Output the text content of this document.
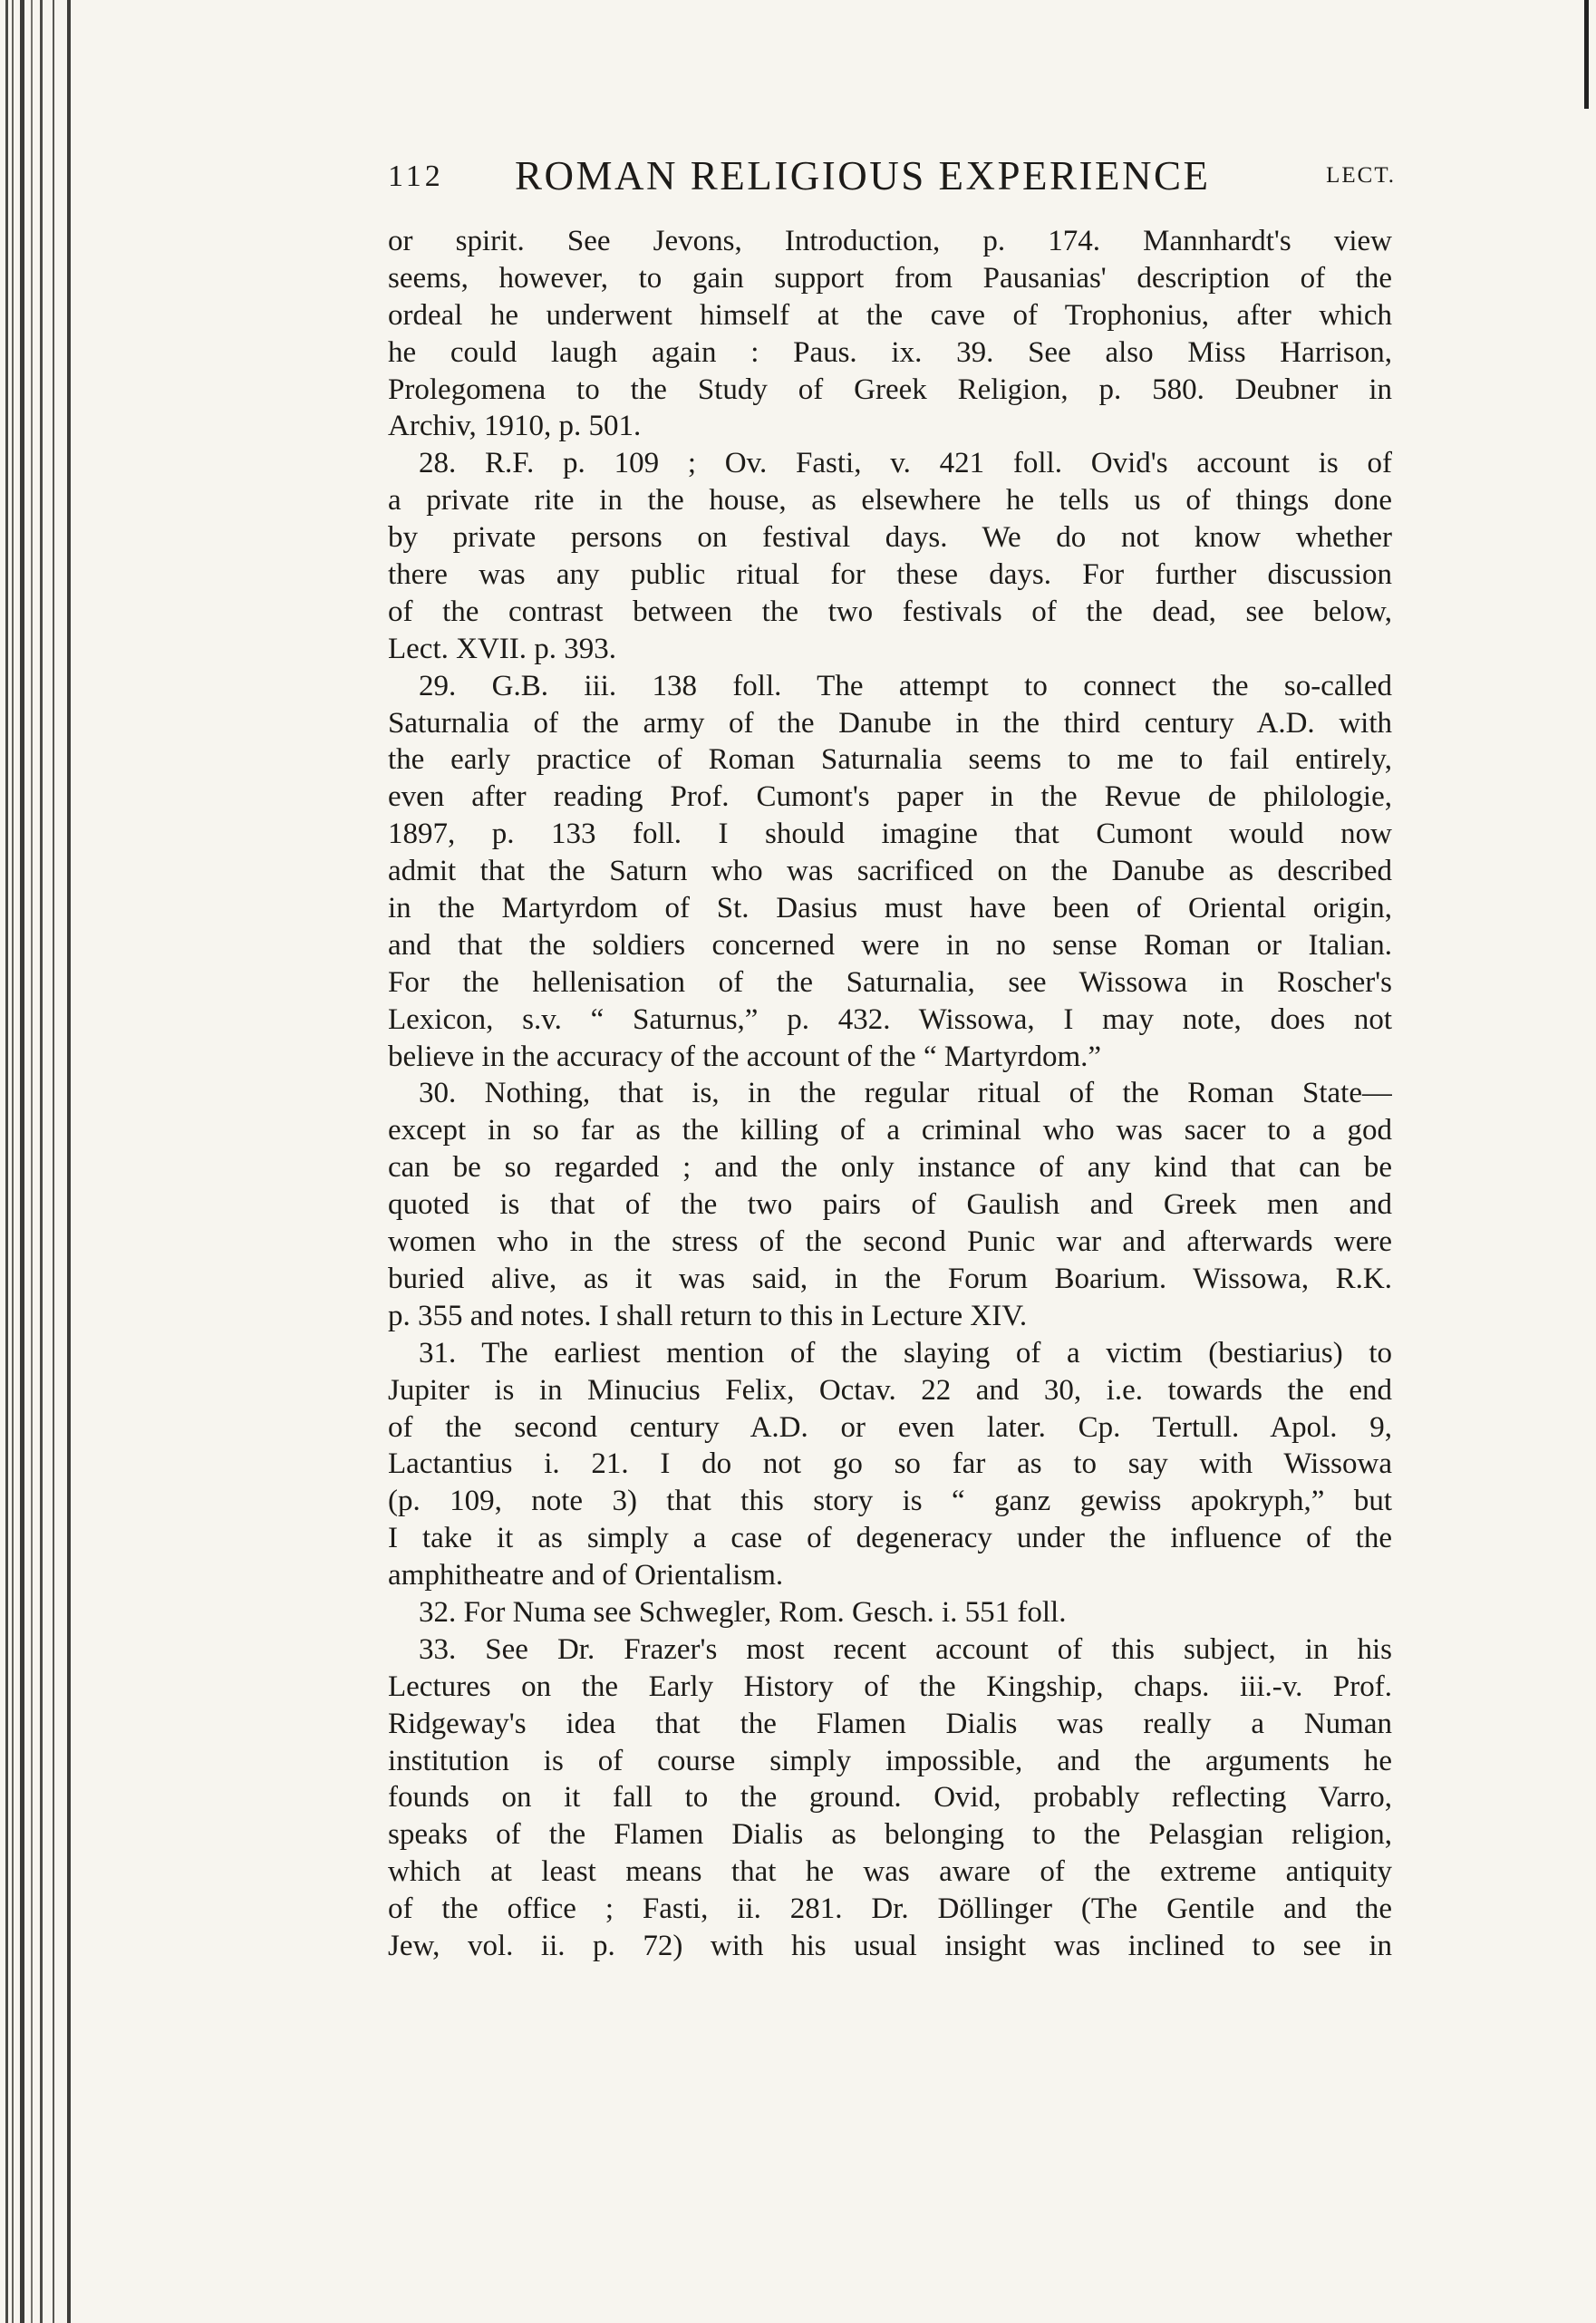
112 ROMAN RELIGIOUS EXPERIENCE	LECT.
or spirit. See Jevons, Introduction, p. 174. Mannhardt's view
seems, however, to gain support from Pausanias' description of the
ordeal he underwent himself at the cave of Trophonius, after which
he could laugh again : Paus. ix. 39. See also Miss Harrison,
Prolegomena to the Study of Greek Religion, p. 580. Deubner in
Archiv, 1910, p. 501.
28. R.F. p. 109 ; Ov. Fasti, v. 421 foll. Ovid's account is of
a private rite in the house, as elsewhere he tells us of things done
by private persons on festival days. We do not know whether
there was any public ritual for these days. For further discussion
of the contrast between the two festivals of the dead, see below,
Lect. XVII. p. 393.
29. G.B. iii. 138 foll. The attempt to connect the so-called
Saturnalia of the army of the Danube in the third century A.D. with
the early practice of Roman Saturnalia seems to me to fail entirely,
even after reading Prof. Cumont's paper in the Revue de philologie,
1897, p. 133 foll. I should imagine that Cumont would now
admit that the Saturn who was sacrificed on the Danube as described
in the Martyrdom of St. Dasius must have been of Oriental origin,
and that the soldiers concerned were in no sense Roman or Italian.
For the hellenisation of the Saturnalia, see Wissowa in Roscher's
Lexicon, s.v. “ Saturnus,” p. 432. Wissowa, I may note, does not
believe in the accuracy of the account of the “ Martyrdom.”
30. Nothing, that is, in the regular ritual of the Roman State—
except in so far as the killing of a criminal who was sacer to a god
can be so regarded ; and the only instance of any kind that can be
quoted is that of the two pairs of Gaulish and Greek men and
women who in the stress of the second Punic war and afterwards were
buried alive, as it was said, in the Forum Boarium. Wissowa, R.K.
p. 355 and notes. I shall return to this in Lecture XIV.
31. The earliest mention of the slaying of a victim (bestiarius) to
Jupiter is in Minucius Felix, Octav. 22 and 30, i.e. towards the end
of the second century A.D. or even later. Cp. Tertull. Apol. 9,
Lactantius i. 21. I do not go so far as to say with Wissowa
(p. 109, note 3) that this story is “ ganz gewiss apokryph,” but
I take it as simply a case of degeneracy under the influence of the
amphitheatre and of Orientalism.
32. For Numa see Schwegler, Rom. Gesch. i. 551 foll.
33. See Dr. Frazer's most recent account of this subject, in his
Lectures on the Early History of the Kingship, chaps. iii.-v. Prof.
Ridgeway's idea that the Flamen Dialis was really a Numan
institution is of course simply impossible, and the arguments he
founds on it fall to the ground. Ovid, probably reflecting Varro,
speaks of the Flamen Dialis as belonging to the Pelasgian religion,
which at least means that he was aware of the extreme antiquity
of the office ; Fasti, ii. 281. Dr. Döllinger (The Gentile and the
Jew, vol. ii. p. 72) with his usual insight was inclined to see in
